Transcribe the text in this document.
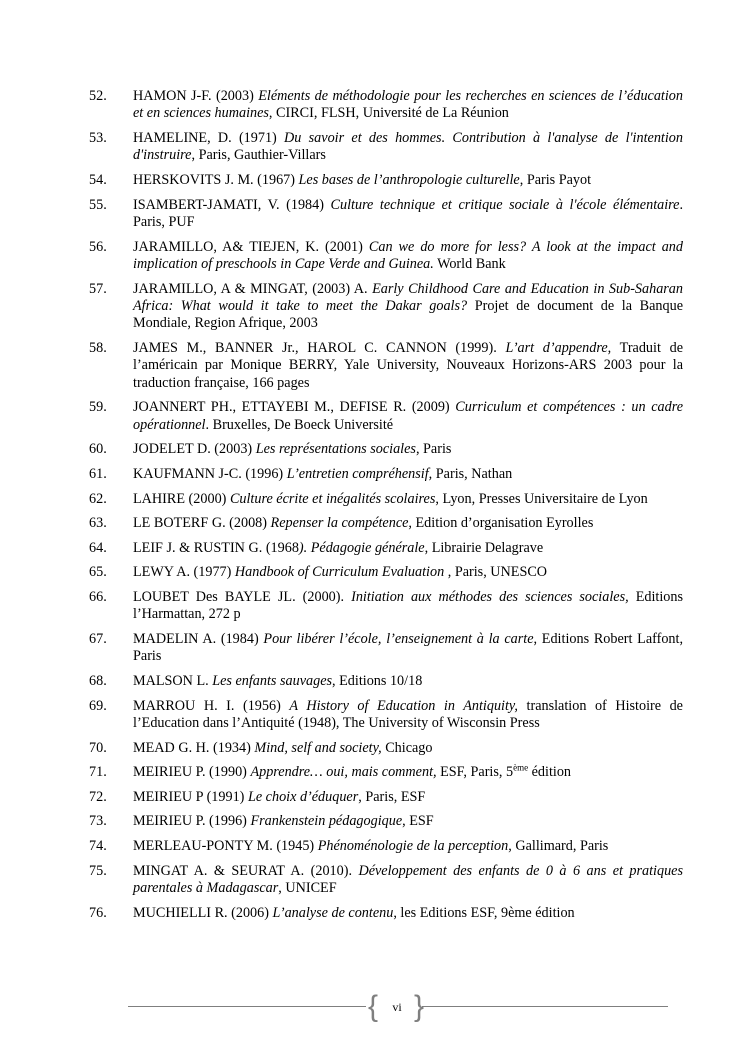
52.	HAMON J-F. (2003) Eléments de méthodologie pour les recherches en sciences de l’éducation et en sciences humaines, CIRCI, FLSH, Université de La Réunion
53.	HAMELINE, D. (1971) Du savoir et des hommes. Contribution à l'analyse de l'intention d'instruire, Paris, Gauthier-Villars
54.	HERSKOVITS J. M. (1967) Les bases de l’anthropologie culturelle, Paris Payot
55.	ISAMBERT-JAMATI, V. (1984) Culture technique et critique sociale à l'école élémentaire. Paris, PUF
56.	JARAMILLO, A& TIEJEN, K. (2001) Can we do more for less? A look at the impact and implication of preschools in Cape Verde and Guinea. World Bank
57.	JARAMILLO, A & MINGAT, (2003) A. Early Childhood Care and Education in Sub-Saharan Africa: What would it take to meet the Dakar goals? Projet de document de la Banque Mondiale, Region Afrique, 2003
58.	JAMES M., BANNER Jr., HAROL C. CANNON (1999). L’art d’appendre, Traduit de l’américain par Monique BERRY, Yale University, Nouveaux Horizons-ARS 2003 pour la traduction française, 166 pages
59.	JOANNERT PH., ETTAYEBI M., DEFISE R. (2009) Curriculum et compétences : un cadre opérationnel. Bruxelles, De Boeck Université
60.	JODELET D. (2003) Les représentations sociales, Paris
61.	KAUFMANN J-C. (1996) L’entretien compréhensif, Paris, Nathan
62.	LAHIRE (2000) Culture écrite et inégalités scolaires, Lyon, Presses Universitaire de Lyon
63.	LE BOTERF G. (2008) Repenser la compétence, Edition d’organisation Eyrolles
64.	LEIF J. & RUSTIN G. (1968). Pédagogie générale, Librairie Delagrave
65.	LEWY A. (1977) Handbook of Curriculum Evaluation , Paris, UNESCO
66.	LOUBET Des BAYLE JL. (2000). Initiation aux méthodes des sciences sociales, Editions l’Harmattan, 272 p
67.	MADELIN A. (1984) Pour libérer l’école, l’enseignement à la carte, Editions Robert Laffont, Paris
68.	MALSON L. Les enfants sauvages, Editions 10/18
69.	MARROU H. I. (1956) A History of Education in Antiquity, translation of Histoire de l’Education dans l’Antiquité (1948), The University of Wisconsin Press
70.	MEAD G. H. (1934) Mind, self and society, Chicago
71.	MEIRIEU P. (1990) Apprendre… oui, mais comment, ESF, Paris, 5ème édition
72.	MEIRIEU P (1991) Le choix d’éduquer, Paris, ESF
73.	MEIRIEU P. (1996) Frankenstein pédagogique, ESF
74.	MERLEAU-PONTY M. (1945) Phénoménologie de la perception, Gallimard, Paris
75.	MINGAT A. & SEURAT A. (2010). Développement des enfants de 0 à 6 ans et pratiques parentales à Madagascar, UNICEF
76.	MUCHIELLI R. (2006) L’analyse de contenu, les Editions ESF, 9ème édition
{	vi }
